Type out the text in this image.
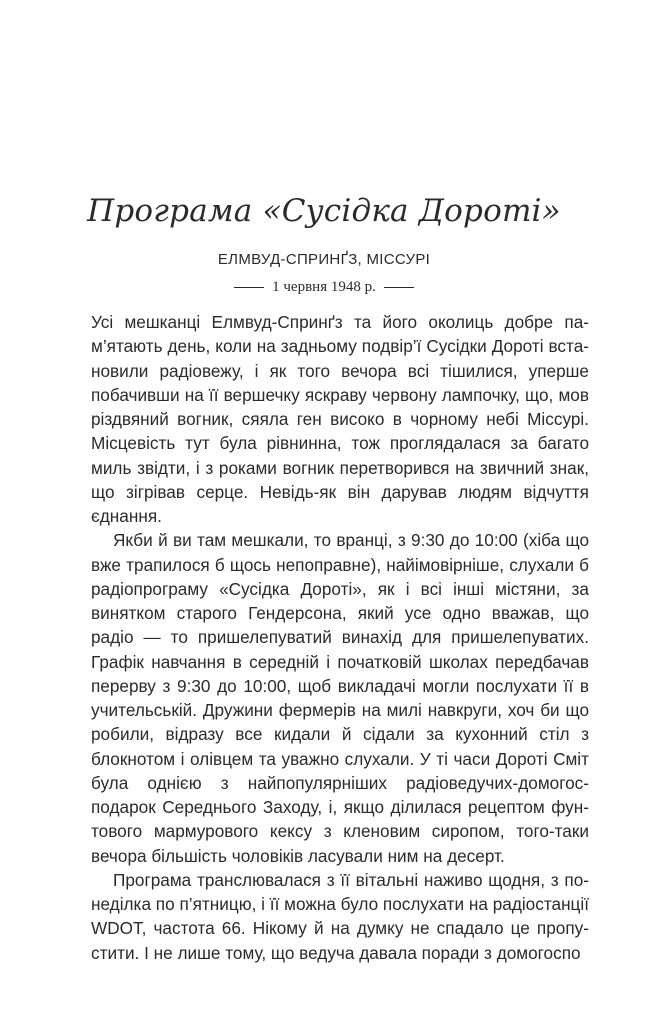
Програма «Сусідка Дороті»
ЕЛМВУД-СПРИНҐЗ, МІССУРІ
1 червня 1948 р.

Усі мешканці Елмвуд-Спринґз та його околиць добре пам’ятають день, коли на задньому подвір’ї Сусідки Дороті встановили радіовежу, і як того вечора всі тішилися, уперше побачивши на її вершечку яскраву червону лампочку, що, мов різдвяний вогник, сяяла ген високо в чорному небі Міссурі. Місцевість тут була рівнинна, тож проглядалася за багато миль звідти, і з роками вогник перетворився на звичний знак, що зігрівав серце. Невідь-як він дарував людям відчуття єднання.

Якби й ви там мешкали, то вранці, з 9:30 до 10:00 (хіба що вже трапилося б щось непоправне), найімовірніше, слухали б радіопрограму «Сусідка Дороті», як і всі інші містяни, за винятком старого Гендерсона, який усе одно вважав, що радіо — то пришелепуватий винахід для пришелепуватих. Графік навчання в середній і початковій школах передбачав перерву з 9:30 до 10:00, щоб викладачі могли послухати її в учительській. Дружини фермерів на милі навкруги, хоч би що робили, відразу все кидали й сідали за кухонний стіл з блокнотом і олівцем та уважно слухали. У ті часи Дороті Сміт була однією з найпопулярніших радіоведучих-домогосподарок Середнього Заходу, і, якщо ділилася рецептом фунтового мармурового кексу з кленовим сиропом, того-таки вечора більшість чоловіків ласували ним на десерт.

Програма транслювалася з її вітальні наживо щодня, з понеділка по п’ятницю, і її можна було послухати на радіостанції WDOT, частота 66. Нікому й на думку не спадало це пропустити. І не лише тому, що ведуча давала поради з домогоспо
